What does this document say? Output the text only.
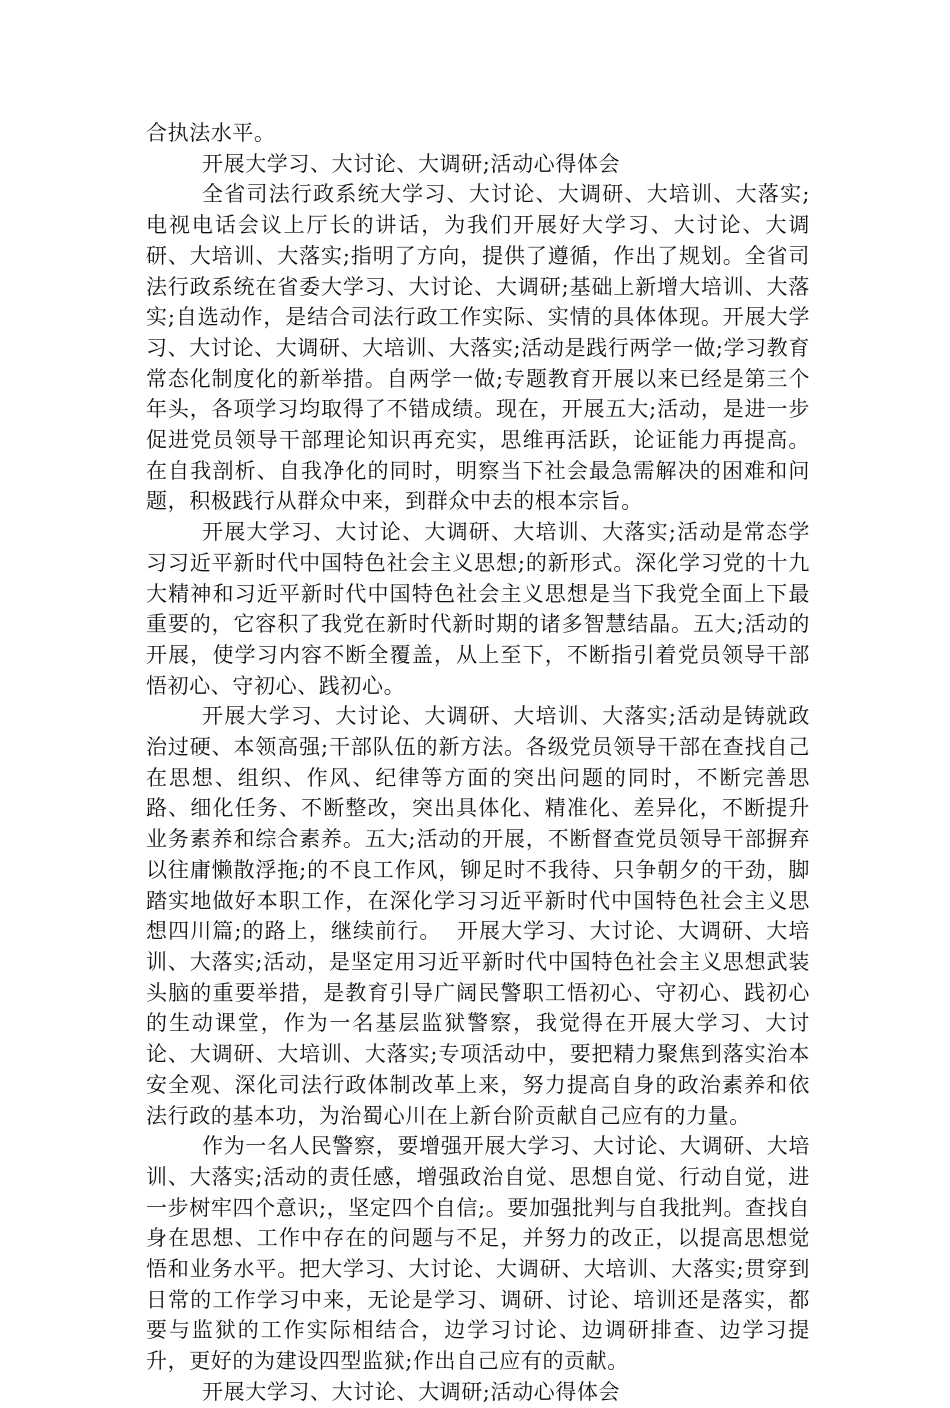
合执法水平。

开展大学习、大讨论、大调研;活动心得体会

全省司法行政系统大学习、大讨论、大调研、大培训、大落实;电视电话会议上厅长的讲话，为我们开展好大学习、大讨论、大调研、大培训、大落实;指明了方向，提供了遵循，作出了规划。全省司法行政系统在省委大学习、大讨论、大调研;基础上新增大培训、大落实;自选动作，是结合司法行政工作实际、实情的具体体现。开展大学习、大讨论、大调研、大培训、大落实;活动是践行两学一做;学习教育常态化制度化的新举措。自两学一做;专题教育开展以来已经是第三个年头，各项学习均取得了不错成绩。现在，开展五大;活动，是进一步促进党员领导干部理论知识再充实，思维再活跃，论证能力再提高。在自我剖析、自我净化的同时，明察当下社会最急需解决的困难和问题，积极践行从群众中来，到群众中去的根本宗旨。

开展大学习、大讨论、大调研、大培训、大落实;活动是常态学习习近平新时代中国特色社会主义思想;的新形式。深化学习党的十九大精神和习近平新时代中国特色社会主义思想是当下我党全面上下最重要的，它容积了我党在新时代新时期的诸多智慧结晶。五大;活动的开展，使学习内容不断全覆盖，从上至下，不断指引着党员领导干部悟初心、守初心、践初心。

开展大学习、大讨论、大调研、大培训、大落实;活动是铸就政治过硬、本领高强;干部队伍的新方法。各级党员领导干部在查找自己在思想、组织、作风、纪律等方面的突出问题的同时，不断完善思路、细化任务、不断整改，突出具体化、精准化、差异化，不断提升业务素养和综合素养。五大;活动的开展，不断督查党员领导干部摒弃以往庸懒散浮拖;的不良工作风，铆足时不我待、只争朝夕的干劲，脚踏实地做好本职工作，在深化学习习近平新时代中国特色社会主义思想四川篇;的路上，继续前行。  开展大学习、大讨论、大调研、大培训、大落实;活动，是坚定用习近平新时代中国特色社会主义思想武装头脑的重要举措，是教育引导广阔民警职工悟初心、守初心、践初心的生动课堂，作为一名基层监狱警察，我觉得在开展大学习、大讨论、大调研、大培训、大落实;专项活动中，要把精力聚焦到落实治本安全观、深化司法行政体制改革上来，努力提高自身的政治素养和依法行政的基本功，为治蜀心川在上新台阶贡献自己应有的力量。

作为一名人民警察，要增强开展大学习、大讨论、大调研、大培训、大落实;活动的责任感，增强政治自觉、思想自觉、行动自觉，进一步树牢四个意识;，坚定四个自信;。要加强批判与自我批判。查找自身在思想、工作中存在的问题与不足，并努力的改正，以提高思想觉悟和业务水平。把大学习、大讨论、大调研、大培训、大落实;贯穿到日常的工作学习中来，无论是学习、调研、讨论、培训还是落实，都要与监狱的工作实际相结合，边学习讨论、边调研排查、边学习提升，更好的为建设四型监狱;作出自己应有的贡献。

开展大学习、大讨论、大调研;活动心得体会
